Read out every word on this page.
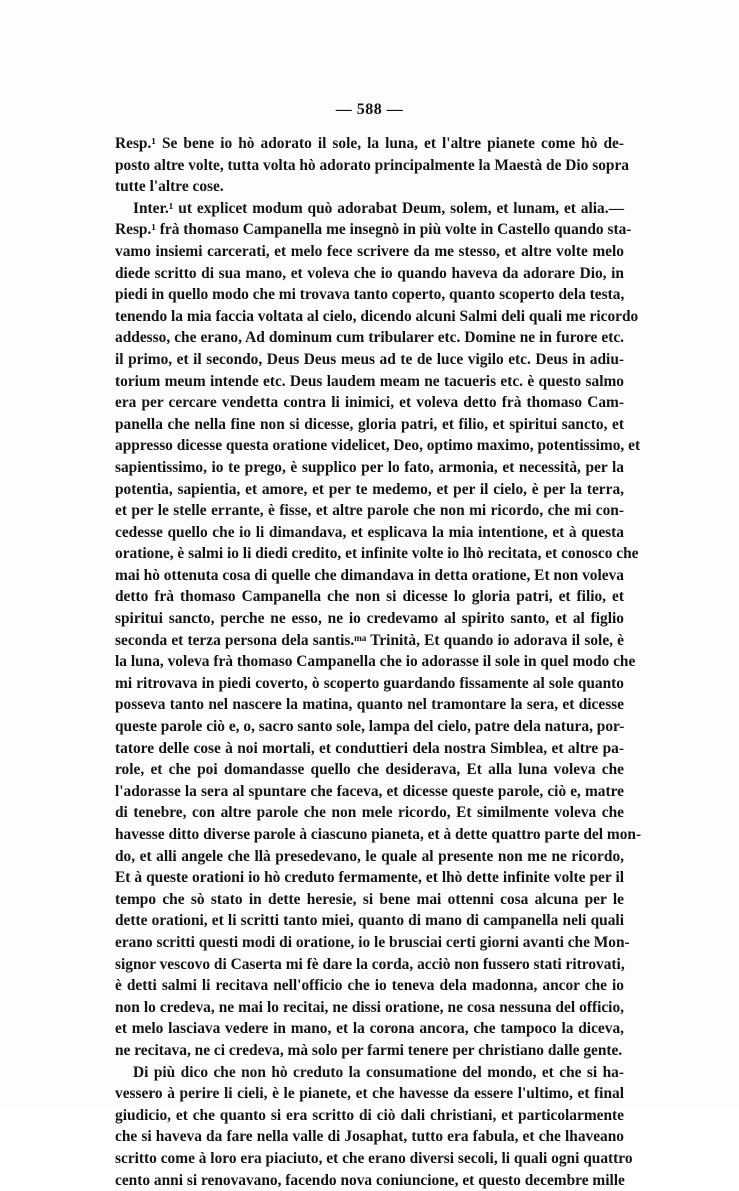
— 588 —
Resp.¹ Se bene io hò adorato il sole, la luna, et l'altre pianete come hò de-
posto altre volte, tutta volta hò adorato principalmente la Maestà de Dio sopra
tutte l'altre cose.
Inter.¹ ut explicet modum quò adorabat Deum, solem, et lunam, et alia.—
Resp.¹ frà thomaso Campanella me insegnò in più volte in Castello quando sta-
vamo insiemi carcerati, et melo fece scrivere da me stesso, et altre volte melo
diede scritto di sua mano, et voleva che io quando haveva da adorare Dio, in
piedi in quello modo che mi trovava tanto coperto, quanto scoperto dela testa,
tenendo la mia faccia voltata al cielo, dicendo alcuni Salmi deli quali me ricordo
addesso, che erano, Ad dominum cum tribularer etc. Domine ne in furore etc.
il primo, et il secondo, Deus Deus meus ad te de luce vigilo etc. Deus in adiu-
torium meum intende etc. Deus laudem meam ne tacueris etc. è questo salmo
era per cercare vendetta contra li inimici, et voleva detto frà thomaso Cam-
panella che nella fine non si dicesse, gloria patri, et filio, et spiritui sancto, et
appresso dicesse questa oratione videlicet, Deo, optimo maximo, potentissimo, et
sapientissimo, io te prego, è supplico per lo fato, armonia, et necessità, per la
potentia, sapientia, et amore, et per te medemo, et per il cielo, è per la terra,
et per le stelle errante, è fisse, et altre parole che non mi ricordo, che mi con-
cedesse quello che io li dimandava, et esplicava la mia intentione, et à questa
oratione, è salmi io li diedi credito, et infinite volte io lhò recitata, et conosco che
mai hò ottenuta cosa di quelle che dimandava in detta oratione, Et non voleva
detto frà thomaso Campanella che non si dicesse lo gloria patri, et filio, et
spiritui sancto, perche ne esso, ne io credevamo al spirito santo, et al figlio
seconda et terza persona dela santis.ᵐᵃ Trinità, Et quando io adorava il sole, è
la luna, voleva frà thomaso Campanella che io adorasse il sole in quel modo che
mi ritrovava in piedi coverto, ò scoperto guardando fissamente al sole quanto
posseva tanto nel nascere la matina, quanto nel tramontare la sera, et dicesse
queste parole ciò e, o, sacro santo sole, lampa del cielo, patre dela natura, por-
tatore delle cose à noi mortali, et conduttieri dela nostra Simblea, et altre pa-
role, et che poi domandasse quello che desiderava, Et alla luna voleva che
l'adorasse la sera al spuntare che faceva, et dicesse queste parole, ciò e, matre
di tenebre, con altre parole che non mele ricordo, Et similmente voleva che
havesse ditto diverse parole à ciascuno pianeta, et à dette quattro parte del mon-
do, et alli angele che llà presedevano, le quale al presente non me ne ricordo,
Et à queste orationi io hò creduto fermamente, et lhò dette infinite volte per il
tempo che sò stato in dette heresie, si bene mai ottenni cosa alcuna per le
dette orationi, et li scritti tanto miei, quanto di mano di campanella neli quali
erano scritti questi modi di oratione, io le brusciai certi giorni avanti che Mon-
signor vescovo di Caserta mi fè dare la corda, acciò non fussero stati ritrovati,
è detti salmi li recitava nell'officio che io teneva dela madonna, ancor che io
non lo credeva, ne mai lo recitai, ne dissi oratione, ne cosa nessuna del officio,
et melo lasciava vedere in mano, et la corona ancora, che tampoco la diceva,
ne recitava, ne ci credeva, mà solo per farmi tenere per christiano dalle gente.
Di più dico che non hò creduto la consumatione del mondo, et che si ha-
vessero à perire li cieli, è le pianete, et che havesse da essere l'ultimo, et final
giudicio, et che quanto si era scritto di ciò dali christiani, et particolarmente
che si haveva da fare nella valle di Josaphat, tutto era fabula, et che lhaveano
scritto come à loro era piaciuto, et che erano diversi secoli, li quali ogni quattro
cento anni si renovavano, facendo nova coniuncione, et questo decembre mille
